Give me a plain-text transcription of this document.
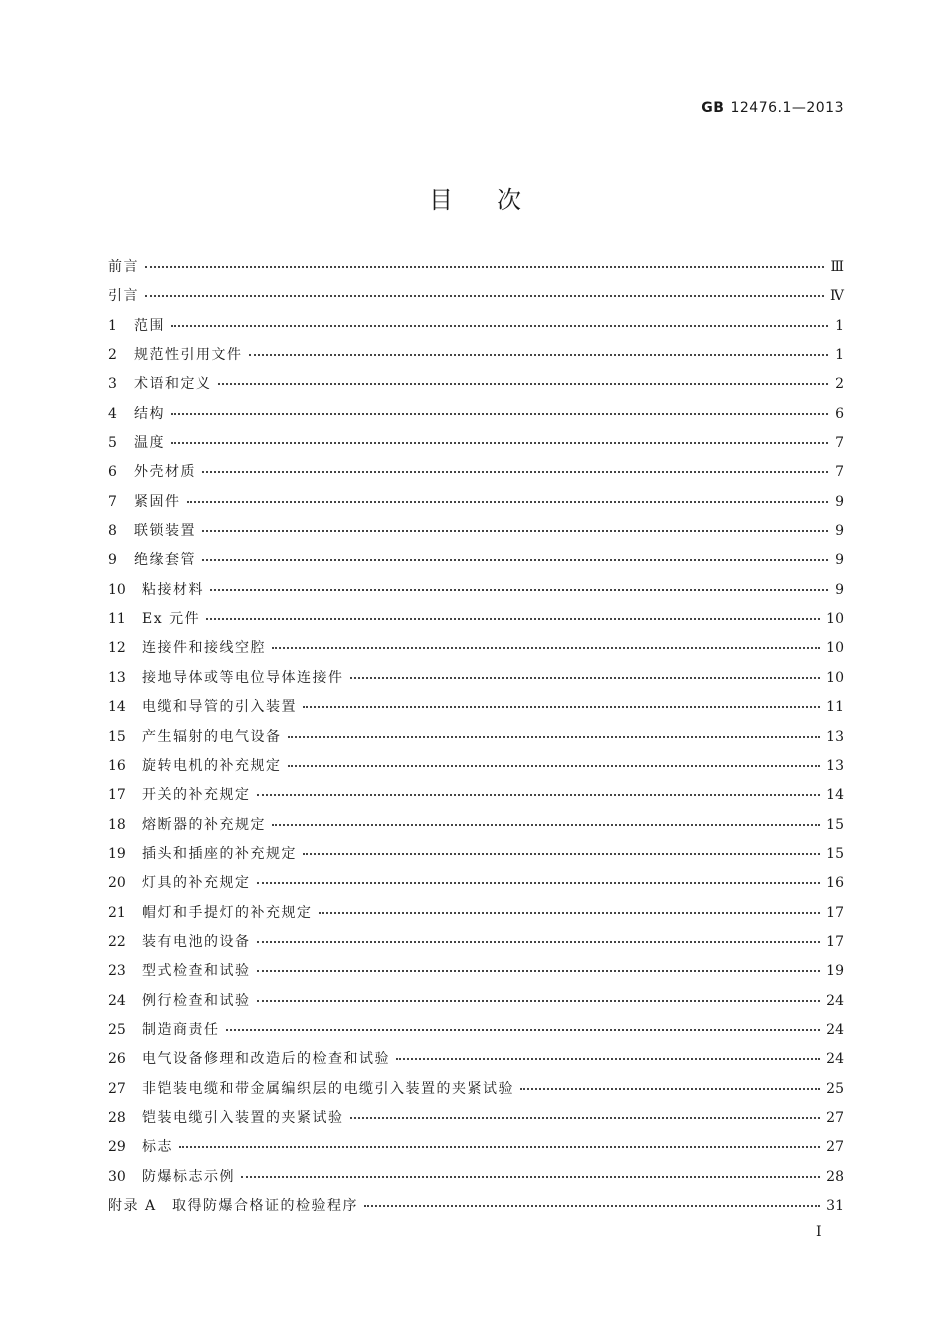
GB 12476.1—2013
目次
前言	Ⅲ
引言	Ⅳ
1	范围	1
2	规范性引用文件	1
3	术语和定义	2
4	结构	6
5	温度	7
6	外壳材质	7
7	紧固件	9
8	联锁装置	9
9	绝缘套管	9
10	粘接材料	9
11	Ex 元件	10
12	连接件和接线空腔	10
13	接地导体或等电位导体连接件	10
14	电缆和导管的引入装置	11
15	产生辐射的电气设备	13
16	旋转电机的补充规定	13
17	开关的补充规定	14
18	熔断器的补充规定	15
19	插头和插座的补充规定	15
20	灯具的补充规定	16
21	帽灯和手提灯的补充规定	17
22	装有电池的设备	17
23	型式检查和试验	19
24	例行检查和试验	24
25	制造商责任	24
26	电气设备修理和改造后的检查和试验	24
27	非铠装电缆和带金属编织层的电缆引入装置的夹紧试验	25
28	铠装电缆引入装置的夹紧试验	27
29	标志	27
30	防爆标志示例	28
附录 A　取得防爆合格证的检验程序	31
I
